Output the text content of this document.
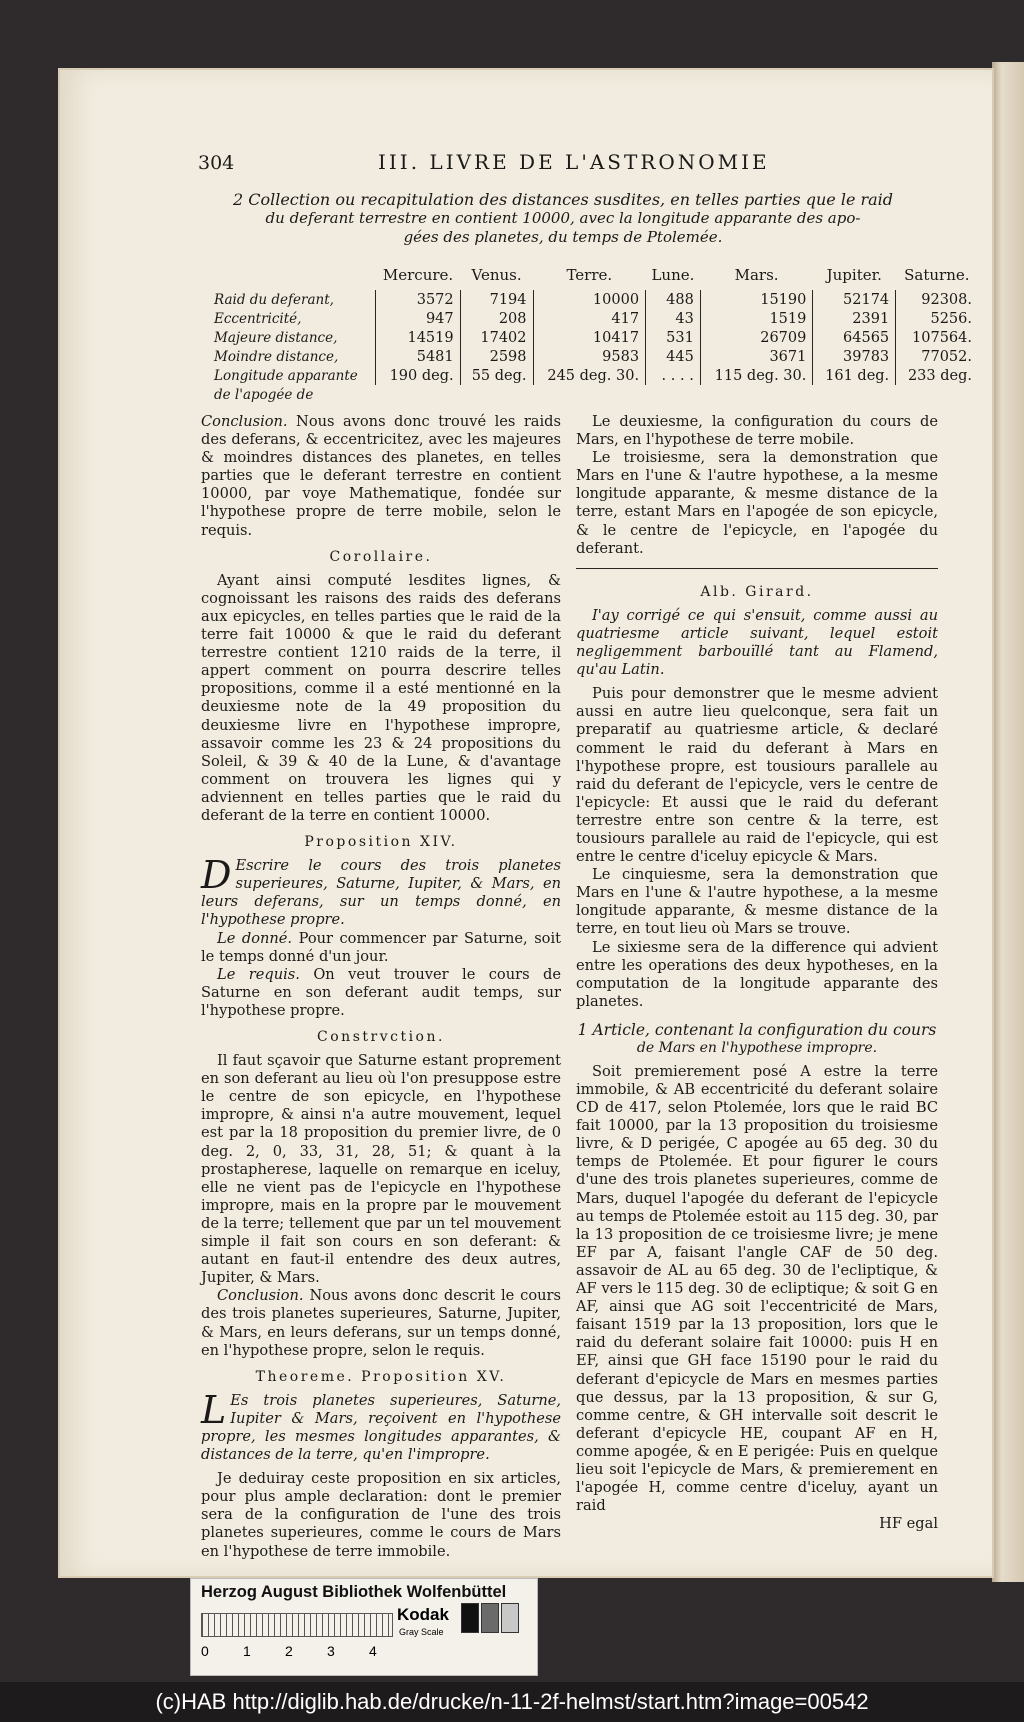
304	III. LIVRE DE L'ASTRONOMIE
2 Collection ou recapitulation des distances susdites, en telles parties que le raid
du deferant terrestre en contient 10000, avec la longitude apparante des apo-
gées des planetes, du temps de Ptolemée.
	Mercure.	Venus.	Terre.	Lune.	Mars.	Jupiter.	Saturne.
Raid du deferant,	3572	7194	10000	488	15190	52174	92308.
Eccentricité,	947	208	417	43	1519	2391	5256.
Majeure distance,	14519	17402	10417	531	26709	64565	107564.
Moindre distance,	5481	2598	9583	445	3671	39783	77052.
Longitude apparante	190 deg.	55 deg.	245 deg. 30.	. . . .	115 deg. 30.	161 deg.	233 deg.
de l'apogée de							

Conclusion. Nous avons donc trouvé les raids des deferans, & eccentricitez, avec les majeures & moindres distances des planetes, en telles parties que le deferant terrestre en contient 10000, par voye Mathematique, fondée sur l'hypothese propre de terre mobile, selon le requis.

Corollaire.

Ayant ainsi computé lesdites lignes, & cognoissant les raisons des raids des deferans aux epicycles, en telles parties que le raid de la terre fait 10000 & que le raid du deferant terrestre contient 1210 raids de la terre, il appert comment on pourra descrire telles propositions, comme il a esté mentionné en la deuxiesme note de la 49 proposition du deuxiesme livre en l'hypothese impropre, assavoir comme les 23 & 24 propositions du Soleil, & 39 & 40 de la Lune, & d'avantage comment on trouvera les lignes qui y adviennent en telles parties que le raid du deferant de la terre en contient 10000.

Proposition XIV.

D Escrire le cours des trois planetes superieures, Saturne, Iupiter, & Mars, en leurs deferans, sur un temps donné, en l'hypothese propre.

Le donné. Pour commencer par Saturne, soit le temps donné d'un jour.

Le requis. On veut trouver le cours de Saturne en son deferant audit temps, sur l'hypothese propre.

Constrvction.

Il faut sçavoir que Saturne estant proprement en son deferant au lieu où l'on presuppose estre le centre de son epicycle, en l'hypothese impropre, & ainsi n'a autre mouvement, lequel est par la 18 proposition du premier livre, de 0 deg. 2, 0, 33, 31, 28, 51; & quant à la prostapherese, laquelle on remarque en iceluy, elle ne vient pas de l'epicycle en l'hypothese impropre, mais en la propre par le mouvement de la terre; tellement que par un tel mouvement simple il fait son cours en son deferant: & autant en faut-il entendre des deux autres, Jupiter, & Mars.

Conclusion. Nous avons donc descrit le cours des trois planetes superieures, Saturne, Jupiter, & Mars, en leurs deferans, sur un temps donné, en l'hypothese propre, selon le requis.

Theoreme. Proposition XV.

L Es trois planetes superieures, Saturne, Iupiter & Mars, reçoivent en l'hypothese propre, les mesmes longitudes apparantes, & distances de la terre, qu'en l'impropre.

Je deduiray ceste proposition en six articles, pour plus ample declaration: dont le premier sera de la configuration de l'une des trois planetes superieures, comme le cours de Mars en l'hypothese de terre immobile.

Le deuxiesme, la configuration du cours de Mars, en l'hypothese de terre mobile.

Le troisiesme, sera la demonstration que Mars en l'une & l'autre hypothese, a la mesme longitude apparante, & mesme distance de la terre, estant Mars en l'apogée de son epicycle, & le centre de l'epicycle, en l'apogée du deferant.

Alb. Girard.

I'ay corrigé ce qui s'ensuit, comme aussi au quatriesme article suivant, lequel estoit negligemment barbouïllé tant au Flamend, qu'au Latin.

Puis pour demonstrer que le mesme advient aussi en autre lieu quelconque, sera fait un preparatif au quatriesme article, & declaré comment le raid du deferant à Mars en l'hypothese propre, est tousiours parallele au raid du deferant de l'epicycle, vers le centre de l'epicycle: Et aussi que le raid du deferant terrestre entre son centre & la terre, est tousiours parallele au raid de l'epicycle, qui est entre le centre d'iceluy epicycle & Mars.

Le cinquiesme, sera la demonstration que Mars en l'une & l'autre hypothese, a la mesme longitude apparante, & mesme distance de la terre, en tout lieu où Mars se trouve.

Le sixiesme sera de la difference qui advient entre les operations des deux hypotheses, en la computation de la longitude apparante des planetes.

1 Article, contenant la configuration du cours
de Mars en l'hypothese impropre.

Soit premierement posé A estre la terre immobile, & AB eccentricité du deferant solaire CD de 417, selon Ptolemée, lors que le raid BC fait 10000, par la 13 proposition du troisiesme livre, & D perigée, C apogée au 65 deg. 30 du temps de Ptolemée. Et pour figurer le cours d'une des trois planetes superieures, comme de Mars, duquel l'apogée du deferant de l'epicycle au temps de Ptolemée estoit au 115 deg. 30, par la 13 proposition de ce troisiesme livre; je mene EF par A, faisant l'angle CAF de 50 deg. assavoir de AL au 65 deg. 30 de l'ecliptique, & AF vers le 115 deg. 30 de ecliptique; & soit G en AF, ainsi que AG soit l'eccentricité de Mars, faisant 1519 par la 13 proposition, lors que le raid du deferant solaire fait 10000: puis H en EF, ainsi que GH face 15190 pour le raid du deferant d'epicycle de Mars en mesmes parties que dessus, par la 13 proposition, & sur G, comme centre, & GH intervalle soit descrit le deferant d'epicycle HE, coupant AF en H, comme apogée, & en E perigée: Puis en quelque lieu soit l'epicycle de Mars, & premierement en l'apogée H, comme centre d'iceluy, ayant un raid

HF egal
Herzog August Bibliothek Wolfenbüttel
0 1 2 3 4
Kodak
Gray Scale
(c)HAB http://diglib.hab.de/drucke/n-11-2f-helmst/start.htm?image=00542
